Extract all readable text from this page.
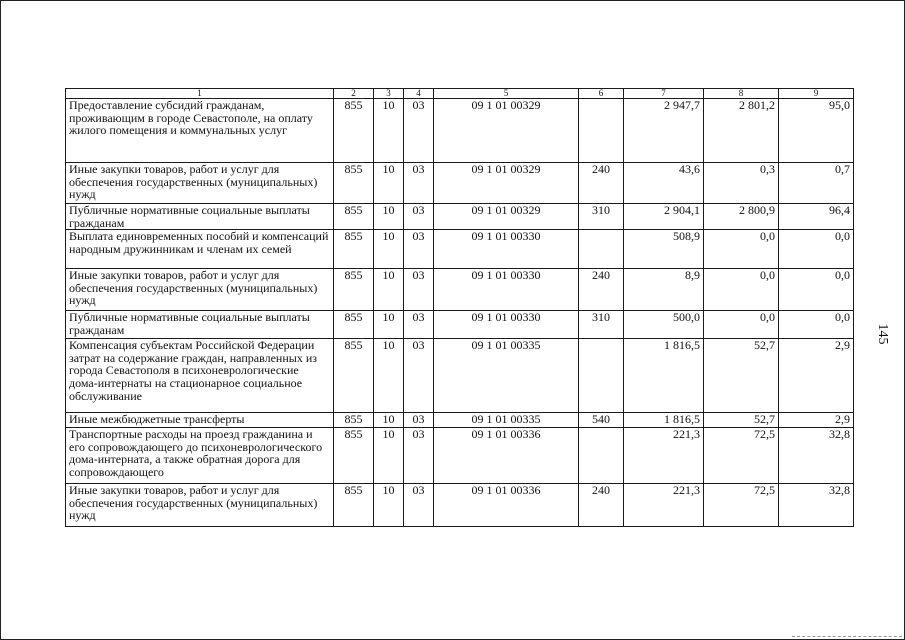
1	2	3	4	5	6	7	8	9
Предоставление субсидий гражданам, проживающим в городе Севастополе, на оплату жилого помещения и коммунальных услуг	855	10	03	09 1 01 00329		2 947,7	2 801,2	95,0
Иные закупки товаров, работ и услуг для обеспечения государственных (муниципальных) нужд	855	10	03	09 1 01 00329	240	43,6	0,3	0,7
Публичные нормативные социальные выплаты гражданам	855	10	03	09 1 01 00329	310	2 904,1	2 800,9	96,4
Выплата единовременных пособий и компенсаций народным дружинникам и членам их семей	855	10	03	09 1 01 00330		508,9	0,0	0,0
Иные закупки товаров, работ и услуг для обеспечения государственных (муниципальных) нужд	855	10	03	09 1 01 00330	240	8,9	0,0	0,0
Публичные нормативные социальные выплаты гражданам	855	10	03	09 1 01 00330	310	500,0	0,0	0,0
Компенсация субъектам Российской Федерации затрат на содержание граждан, направленных из города Севастополя в психоневрологические дома-интернаты на стационарное социальное обслуживание	855	10	03	09 1 01 00335		1 816,5	52,7	2,9
Иные межбюджетные трансферты	855	10	03	09 1 01 00335	540	1 816,5	52,7	2,9
Транспортные расходы на проезд гражданина и его сопровождающего до психоневрологического дома-интерната, а также обратная дорога для сопровождающего	855	10	03	09 1 01 00336		221,3	72,5	32,8
Иные закупки товаров, работ и услуг для обеспечения государственных (муниципальных) нужд	855	10	03	09 1 01 00336	240	221,3	72,5	32,8
145
